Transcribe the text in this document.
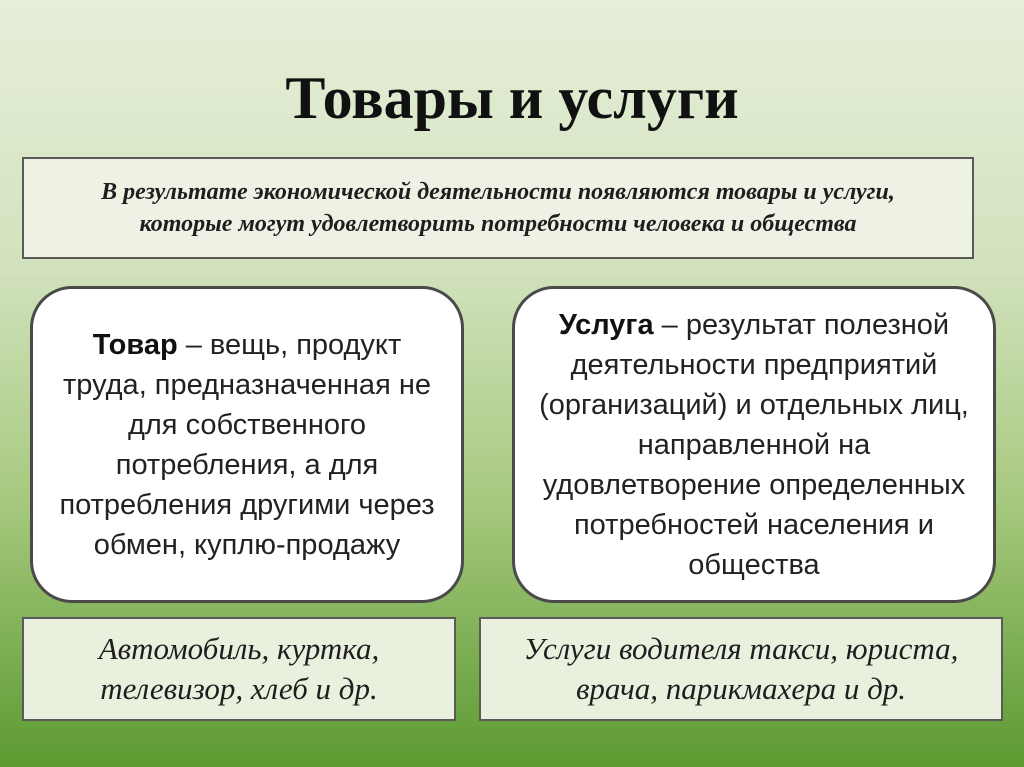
Товары и услуги
В результате экономической деятельности появляются товары и услуги, которые могут удовлетворить потребности человека и общества
Товар – вещь, продукт труда, предназначенная не для собственного потребления, а для потребления другими через обмен, куплю-продажу
Услуга – результат полезной деятельности предприятий (организаций) и отдельных лиц, направленной на удовлетворение определенных потребностей населения и общества
Автомобиль, куртка, телевизор, хлеб и др.
Услуги водителя такси, юриста, врача, парикмахера и др.
